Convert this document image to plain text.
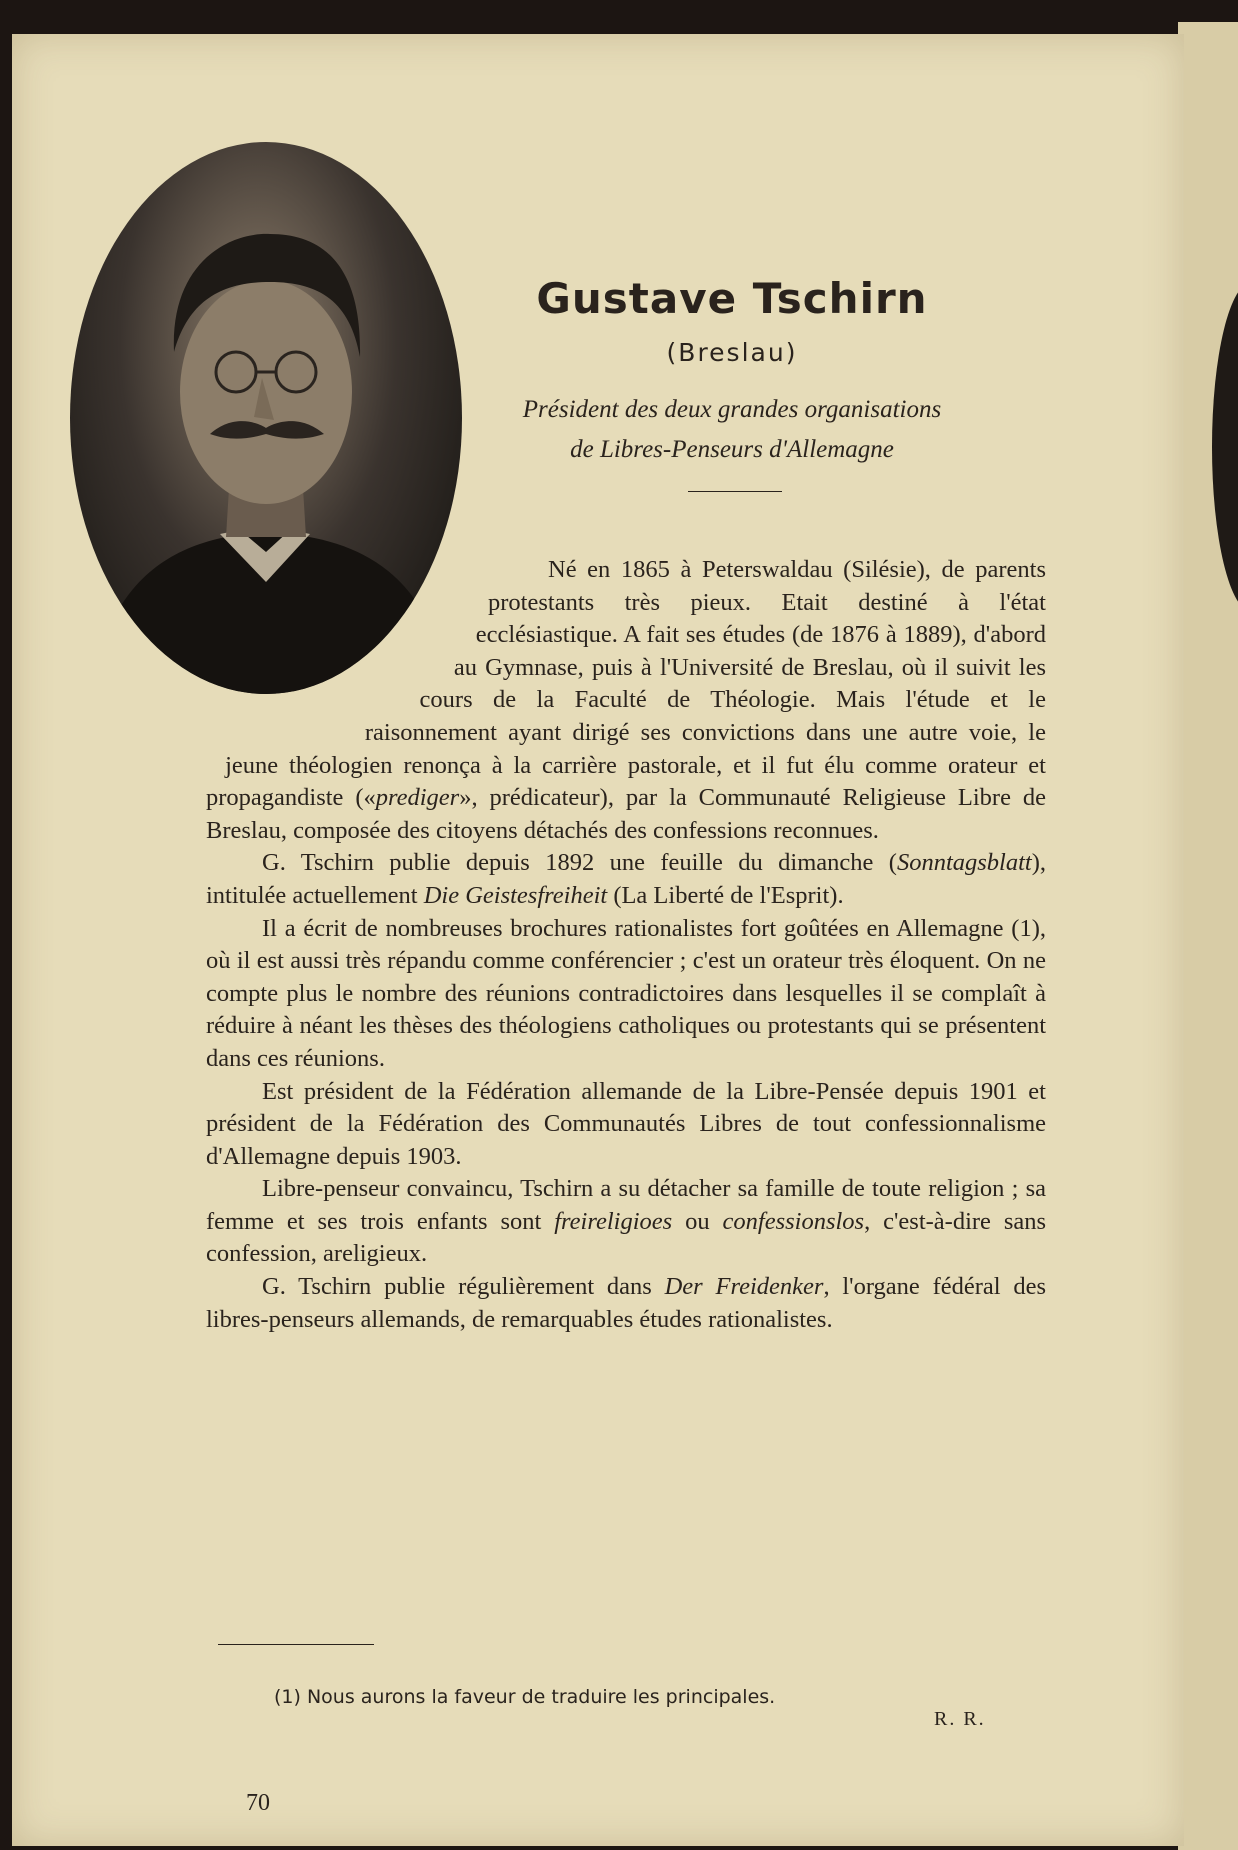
Gustave Tschirn

(Breslau)

Président des deux grandes organisations
de Libres-Penseurs d'Allemagne

Né en 1865 à Peterswaldau (Silésie), de parents protestants très pieux. Etait destiné à l'état ecclésiastique. A fait ses études (de 1876 à 1889), d'abord au Gymnase, puis à l'Université de Breslau, où il suivit les cours de la Faculté de Théologie. Mais l'étude et le raisonnement ayant dirigé ses convictions dans une autre voie, le jeune théologien renonça à la carrière pastorale, et il fut élu comme orateur et propagandiste («prediger», prédicateur), par la Communauté Religieuse Libre de Breslau, composée des citoyens détachés des confessions reconnues.

G. Tschirn publie depuis 1892 une feuille du dimanche (Sonntagsblatt), intitulée actuellement Die Geistesfreiheit (La Liberté de l'Esprit).

Il a écrit de nombreuses brochures rationalistes fort goûtées en Allemagne (1), où il est aussi très répandu comme conférencier ; c'est un orateur très éloquent. On ne compte plus le nombre des réunions contradictoires dans lesquelles il se complaît à réduire à néant les thèses des théologiens catholiques ou protestants qui se présentent dans ces réunions.

Est président de la Fédération allemande de la Libre-Pensée depuis 1901 et président de la Fédération des Communautés Libres de tout confessionnalisme d'Allemagne depuis 1903.

Libre-penseur convaincu, Tschirn a su détacher sa famille de toute religion ; sa femme et ses trois enfants sont freireligioes ou confessionslos, c'est-à-dire sans confession, areligieux.

G. Tschirn publie régulièrement dans Der Freidenker, l'organe fédéral des libres-penseurs allemands, de remarquables études rationalistes.

(1) Nous aurons la faveur de traduire les principales.

R. R.

70
